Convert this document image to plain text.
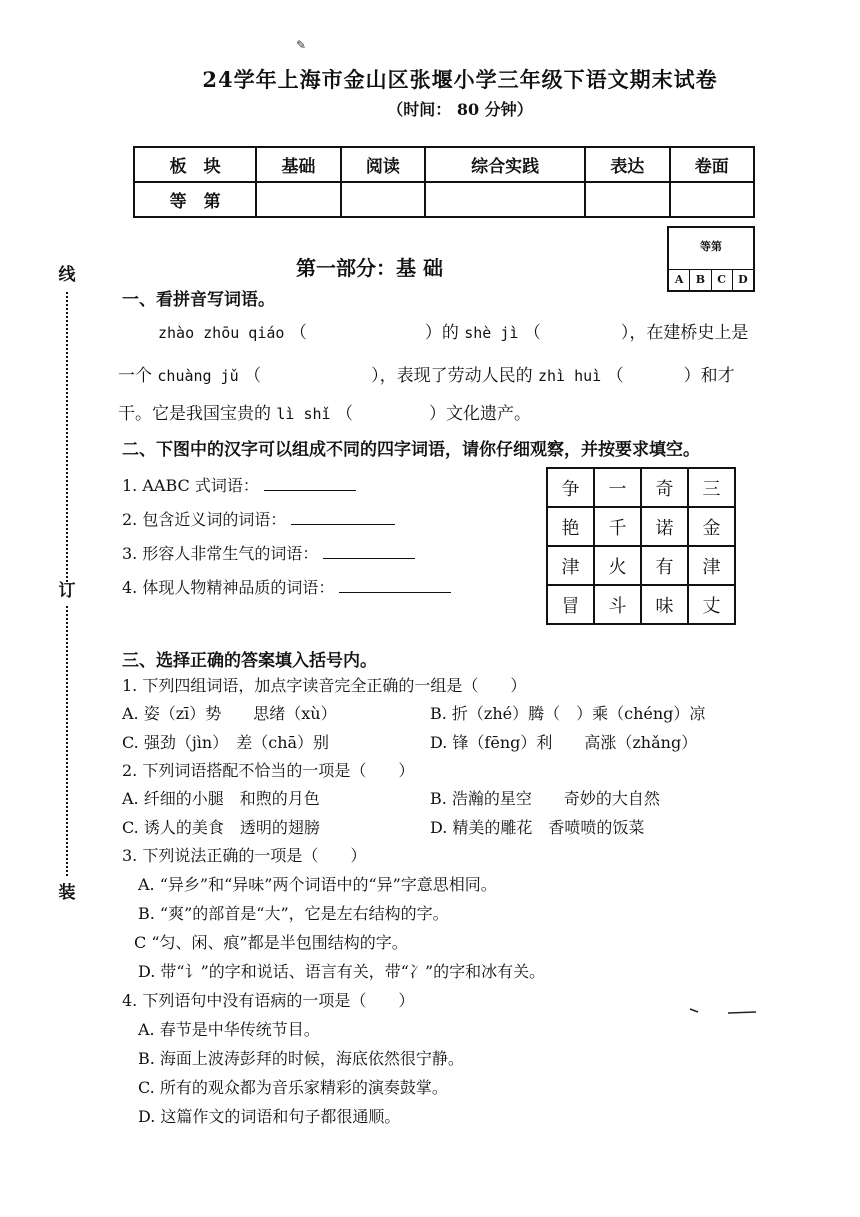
✎
24学年上海市金山区张堰小学三年级下语文期末试卷
（时间： 80 分钟）
板　块	基础	阅读	综合实践	表达	卷面
等　第					
等第
A	B	C	D
线
订
装
第一部分：基 础
一、看拼音写词语。
zhào zhōu qiáo （	）的 shè jì （	），在建桥史上是
一个 chuàng jǔ （	），表现了劳动人民的 zhì huì （	）和才
干。它是我国宝贵的 lì shǐ （	）文化遗产。
二、下图中的汉字可以组成不同的四字词语，请你仔细观察，并按要求填空。
1. AABC 式词语：
2. 包含近义词的词语：
3. 形容人非常生气的词语：
4. 体现人物精神品质的词语：
争	一	奇	三
艳	千	诺	金
津	火	有	津
冒	斗	味	丈
三、选择正确的答案填入括号内。
1. 下列四组词语，加点字读音完全正确的一组是（　　）
A. 姿（zī）势　　思绪（xù）	B. 折（zhé）腾（　）乘（chéng）凉
C. 强劲（jìn）　差（chā）别	D. 锋（fēng）利　　高涨（zhǎng）
2. 下列词语搭配不恰当的一项是（　　）
A. 纤细的小腿　和煦的月色	B. 浩瀚的星空　　奇妙的大自然
C. 诱人的美食　透明的翅膀	D. 精美的雕花　香喷喷的饭菜
3. 下列说法正确的一项是（　　）
A. “异乡”和“异味”两个词语中的“异”字意思相同。
B. “爽”的部首是“大”，它是左右结构的字。
C “匀、闲、痕”都是半包围结构的字。
D. 带“讠”的字和说话、语言有关，带“冫”的字和冰有关。
4. 下列语句中没有语病的一项是（　　）
A. 春节是中华传统节目。
B. 海面上波涛彭拜的时候，海底依然很宁静。
C. 所有的观众都为音乐家精彩的演奏鼓掌。
D. 这篇作文的词语和句子都很通顺。
